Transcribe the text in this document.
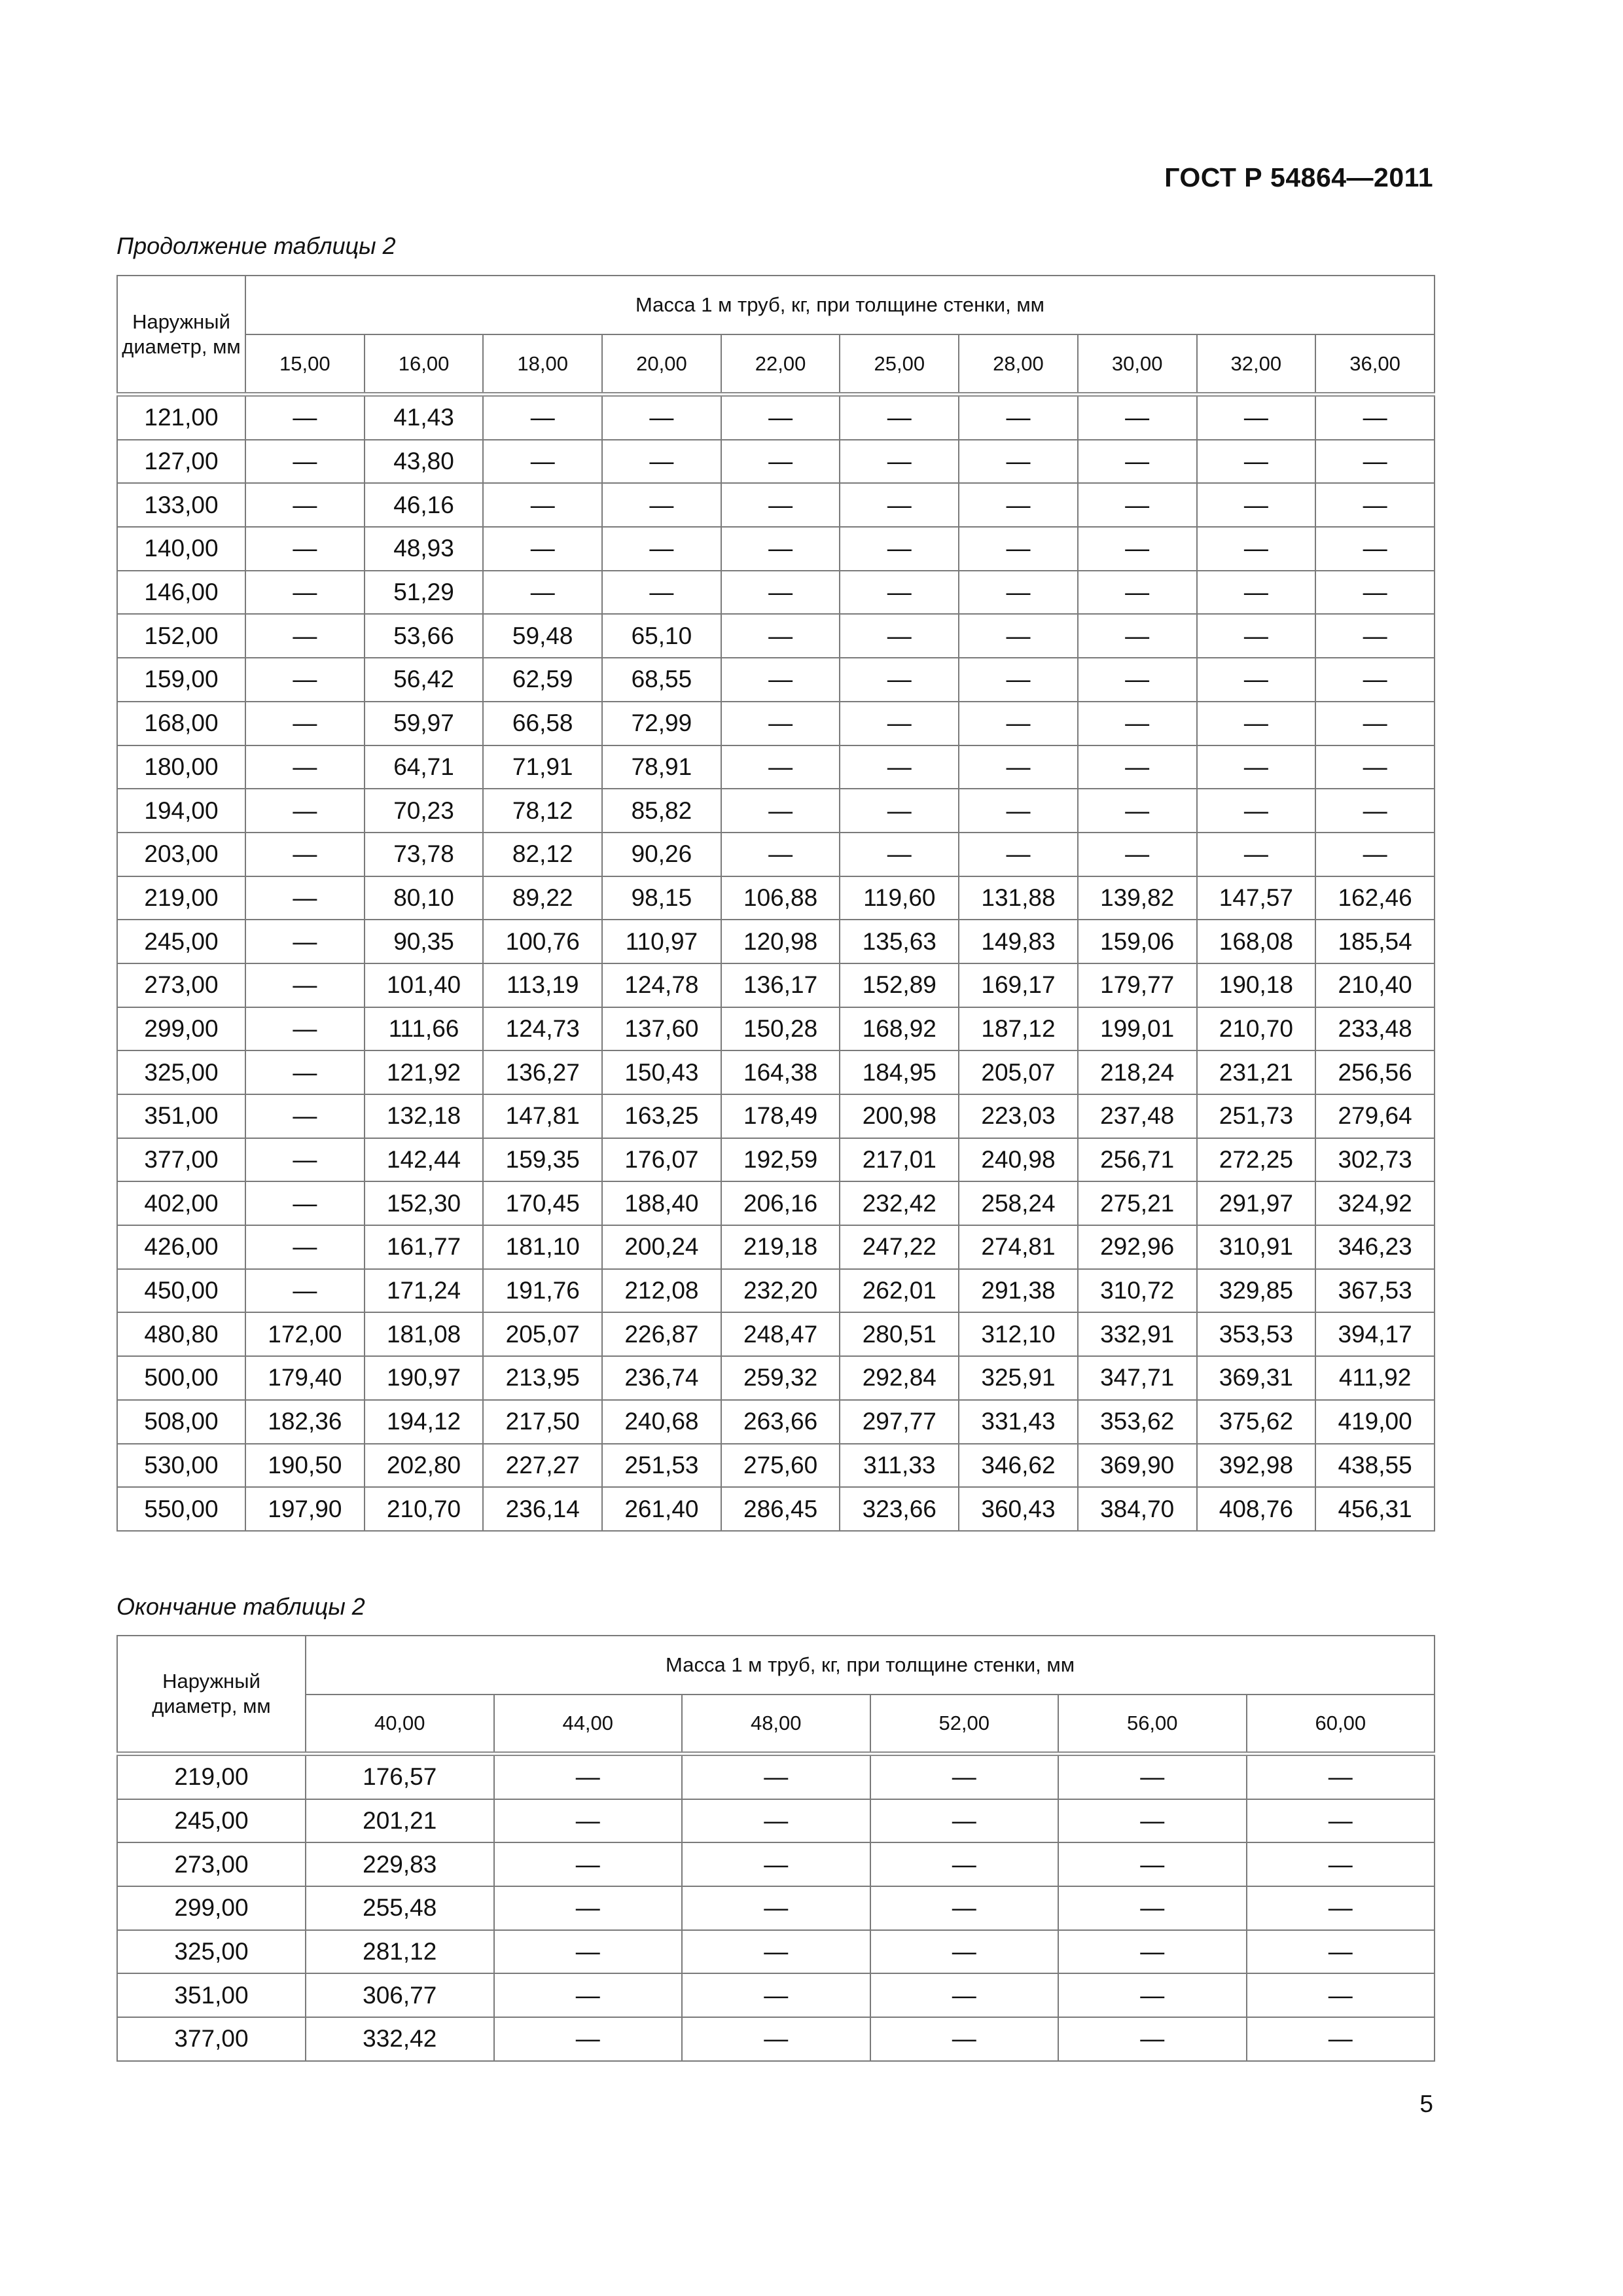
ГОСТ Р 54864—2011
Продолжение таблицы 2
Наружный диаметр, мм	Масса 1 м труб, кг, при толщине стенки, мм									
	15,00	16,00	18,00	20,00	22,00	25,00	28,00	30,00	32,00	36,00
121,00	—	41,43	—	—	—	—	—	—	—	—
127,00	—	43,80	—	—	—	—	—	—	—	—
133,00	—	46,16	—	—	—	—	—	—	—	—
140,00	—	48,93	—	—	—	—	—	—	—	—
146,00	—	51,29	—	—	—	—	—	—	—	—
152,00	—	53,66	59,48	65,10	—	—	—	—	—	—
159,00	—	56,42	62,59	68,55	—	—	—	—	—	—
168,00	—	59,97	66,58	72,99	—	—	—	—	—	—
180,00	—	64,71	71,91	78,91	—	—	—	—	—	—
194,00	—	70,23	78,12	85,82	—	—	—	—	—	—
203,00	—	73,78	82,12	90,26	—	—	—	—	—	—
219,00	—	80,10	89,22	98,15	106,88	119,60	131,88	139,82	147,57	162,46
245,00	—	90,35	100,76	110,97	120,98	135,63	149,83	159,06	168,08	185,54
273,00	—	101,40	113,19	124,78	136,17	152,89	169,17	179,77	190,18	210,40
299,00	—	111,66	124,73	137,60	150,28	168,92	187,12	199,01	210,70	233,48
325,00	—	121,92	136,27	150,43	164,38	184,95	205,07	218,24	231,21	256,56
351,00	—	132,18	147,81	163,25	178,49	200,98	223,03	237,48	251,73	279,64
377,00	—	142,44	159,35	176,07	192,59	217,01	240,98	256,71	272,25	302,73
402,00	—	152,30	170,45	188,40	206,16	232,42	258,24	275,21	291,97	324,92
426,00	—	161,77	181,10	200,24	219,18	247,22	274,81	292,96	310,91	346,23
450,00	—	171,24	191,76	212,08	232,20	262,01	291,38	310,72	329,85	367,53
480,80	172,00	181,08	205,07	226,87	248,47	280,51	312,10	332,91	353,53	394,17
500,00	179,40	190,97	213,95	236,74	259,32	292,84	325,91	347,71	369,31	411,92
508,00	182,36	194,12	217,50	240,68	263,66	297,77	331,43	353,62	375,62	419,00
530,00	190,50	202,80	227,27	251,53	275,60	311,33	346,62	369,90	392,98	438,55
550,00	197,90	210,70	236,14	261,40	286,45	323,66	360,43	384,70	408,76	456,31
Окончание таблицы 2
Наружный диаметр, мм	Масса 1 м труб, кг, при толщине стенки, мм					
	40,00	44,00	48,00	52,00	56,00	60,00
219,00	176,57	—	—	—	—	—
245,00	201,21	—	—	—	—	—
273,00	229,83	—	—	—	—	—
299,00	255,48	—	—	—	—	—
325,00	281,12	—	—	—	—	—
351,00	306,77	—	—	—	—	—
377,00	332,42	—	—	—	—	—
5
